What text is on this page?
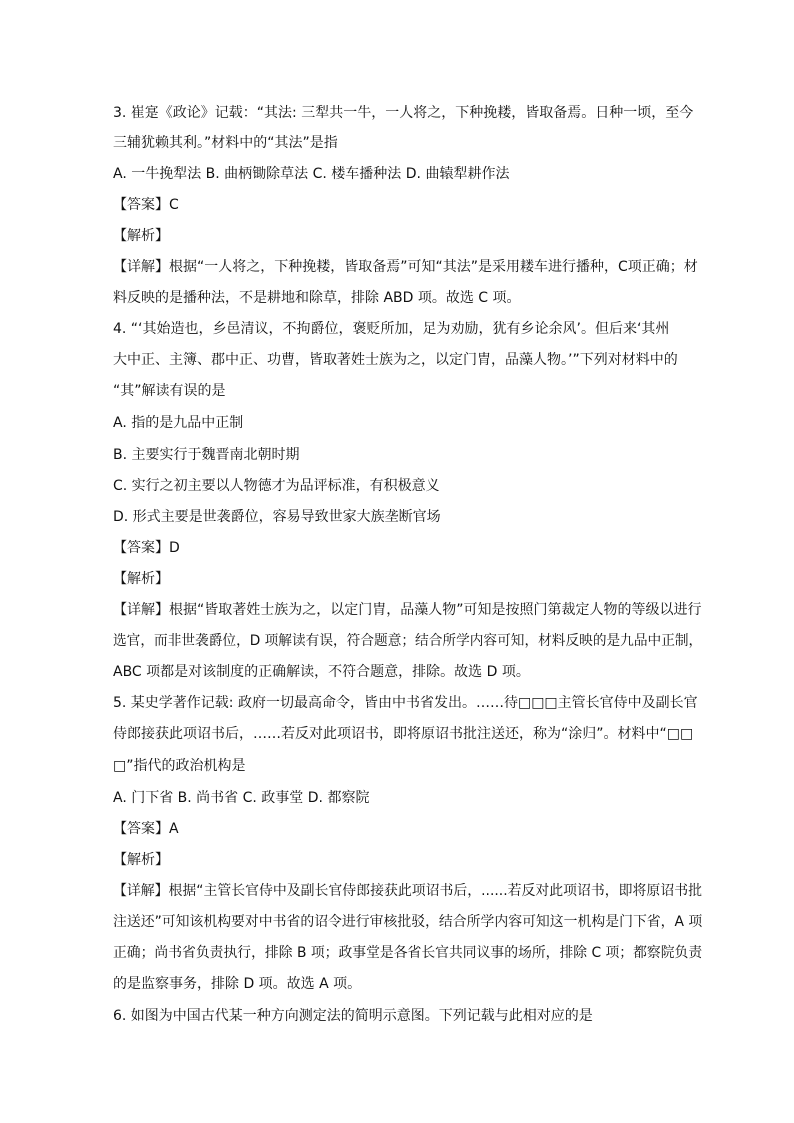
3. 崔寔《政论》记载：“其法: 三犁共一牛，一人将之，下种挽耧，皆取备焉。日种一顷，至今
三辅犹赖其利。”材料中的“其法”是指
A. 一牛挽犁法 B. 曲柄锄除草法 C. 楼车播种法 D. 曲辕犁耕作法
【答案】C
【解析】
【详解】根据“一人将之，下种挽耧，皆取备焉”可知“其法”是采用耧车进行播种，C项正确；材
料反映的是播种法，不是耕地和除草，排除 ABD 项。故选 C 项。
4. “‘其始造也，乡邑清议，不拘爵位，褒贬所加，足为劝励，犹有乡论余风’。但后来‘其州
大中正、主簿、郡中正、功曹，皆取著姓士族为之，以定门胄，品藻人物。’”下列对材料中的
“其”解读有误的是
A. 指的是九品中正制
B. 主要实行于魏晋南北朝时期
C. 实行之初主要以人物德才为品评标准，有积极意义
D. 形式主要是世袭爵位，容易导致世家大族垄断官场
【答案】D
【解析】
【详解】根据“皆取著姓士族为之，以定门胄，品藻人物”可知是按照门第裁定人物的等级以进行
选官，而非世袭爵位，D 项解读有误，符合题意；结合所学内容可知，材料反映的是九品中正制，
ABC 项都是对该制度的正确解读，不符合题意，排除。故选 D 项。
5. 某史学著作记载: 政府一切最高命令，皆由中书省发出。……待□□□主管长官侍中及副长官
侍郎接获此项诏书后，……若反对此项诏书，即将原诏书批注送还，称为“涂归”。材料中“□□
□”指代的政治机构是
A. 门下省 B. 尚书省 C. 政事堂 D. 都察院
【答案】A
【解析】
【详解】根据“主管长官侍中及副长官侍郎接获此项诏书后，......若反对此项诏书，即将原诏书批
注送还”可知该机构要对中书省的诏令进行审核批驳，结合所学内容可知这一机构是门下省，A 项
正确；尚书省负责执行，排除 B 项；政事堂是各省长官共同议事的场所，排除 C 项；都察院负责
的是监察事务，排除 D 项。故选 A 项。
6. 如图为中国古代某一种方向测定法的简明示意图。下列记载与此相对应的是
